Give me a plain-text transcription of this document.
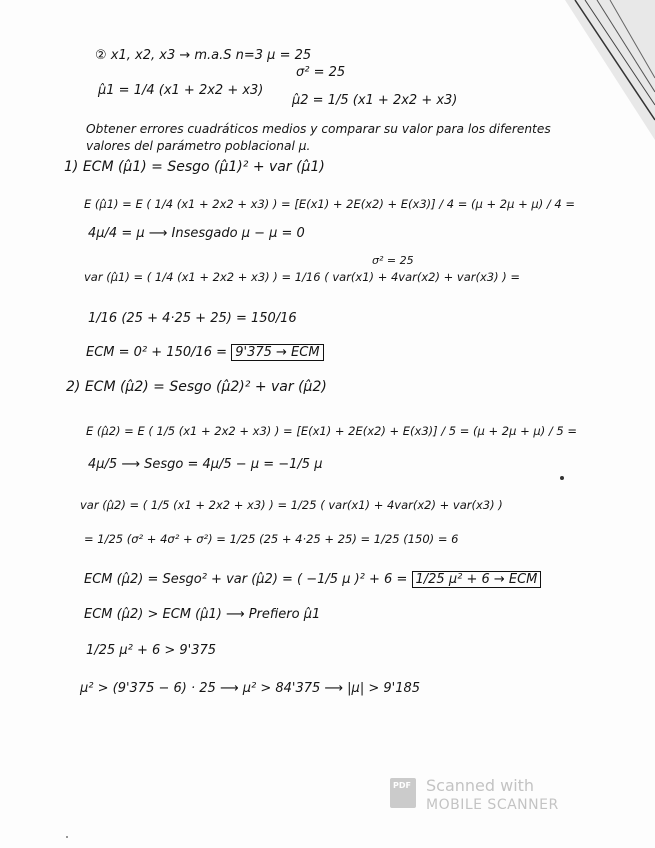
② x1, x2, x3 → m.a.S n=3 μ = 25
σ² = 25
μ̂1 = 1/4 (x1 + 2x2 + x3)
μ̂2 = 1/5 (x1 + 2x2 + x3)
Obtener errores cuadráticos medios y comparar su valor para los diferentes
valores del parámetro poblacional μ.
1) ECM (μ̂1) = Sesgo (μ̂1)² + var (μ̂1)
E (μ̂1) = E ( 1/4 (x1 + 2x2 + x3) ) = [E(x1) + 2E(x2) + E(x3)] / 4 = (μ + 2μ + μ) / 4 =
4μ/4 = μ ⟶ Insesgado μ − μ = 0
σ² = 25
var (μ̂1) = ( 1/4 (x1 + 2x2 + x3) ) = 1/16 ( var(x1) + 4var(x2) + var(x3) ) =
1/16 (25 + 4·25 + 25) = 150/16
ECM = 0² + 150/16 = 9'375 → ECM
2) ECM (μ̂2) = Sesgo (μ̂2)² + var (μ̂2)
E (μ̂2) = E ( 1/5 (x1 + 2x2 + x3) ) = [E(x1) + 2E(x2) + E(x3)] / 5 = (μ + 2μ + μ) / 5 =
4μ/5 ⟶ Sesgo = 4μ/5 − μ = −1/5 μ
var (μ̂2) = ( 1/5 (x1 + 2x2 + x3) ) = 1/25 ( var(x1) + 4var(x2) + var(x3) )
= 1/25 (σ² + 4σ² + σ²) = 1/25 (25 + 4·25 + 25) = 1/25 (150) = 6
ECM (μ̂2) = Sesgo² + var (μ̂2) = ( −1/5 μ )² + 6 = 1/25 μ² + 6 → ECM
ECM (μ̂2) > ECM (μ̂1) ⟶ Prefiero μ̂1
1/25 μ² + 6 > 9'375
μ² > (9'375 − 6) · 25 ⟶ μ² > 84'375 ⟶ |μ| > 9'185
PDF Scanned with
MOBILE SCANNER
